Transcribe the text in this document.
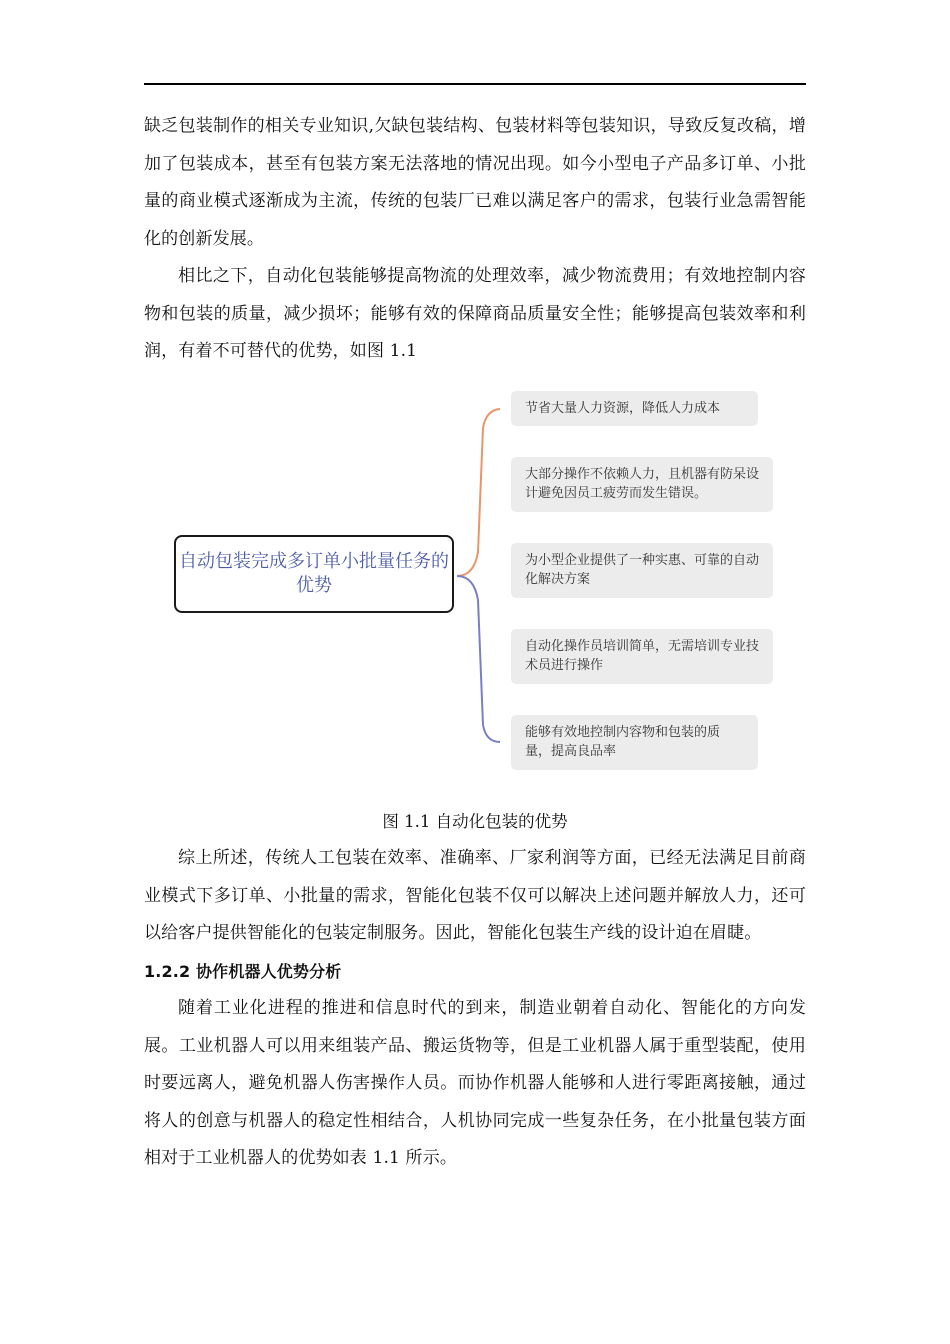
缺乏包装制作的相关专业知识,欠缺包装结构、包装材料等包装知识，导致反复改稿，增加了包装成本，甚至有包装方案无法落地的情况出现。如今小型电子产品多订单、小批量的商业模式逐渐成为主流，传统的包装厂已难以满足客户的需求，包装行业急需智能化的创新发展。

相比之下，自动化包装能够提高物流的处理效率，减少物流费用；有效地控制内容物和包装的质量，减少损坏；能够有效的保障商品质量安全性；能够提高包装效率和利润，有着不可替代的优势，如图 1.1

自动包装完成多订单小批量任务的优势
节省大量人力资源，降低人力成本
大部分操作不依赖人力，且机器有防呆设计避免因员工疲劳而发生错误。
为小型企业提供了一种实惠、可靠的自动化解决方案
自动化操作员培训简单，无需培训专业技术员进行操作
能够有效地控制内容物和包装的质量，提高良品率
图 1.1 自动化包装的优势

综上所述，传统人工包装在效率、准确率、厂家利润等方面，已经无法满足目前商业模式下多订单、小批量的需求，智能化包装不仅可以解决上述问题并解放人力，还可以给客户提供智能化的包装定制服务。因此，智能化包装生产线的设计迫在眉睫。

1.2.2 协作机器人优势分析

随着工业化进程的推进和信息时代的到来，制造业朝着自动化、智能化的方向发展。工业机器人可以用来组装产品、搬运货物等，但是工业机器人属于重型装配，使用时要远离人，避免机器人伤害操作人员。而协作机器人能够和人进行零距离接触，通过将人的创意与机器人的稳定性相结合，人机协同完成一些复杂任务，在小批量包装方面相对于工业机器人的优势如表 1.1 所示。
